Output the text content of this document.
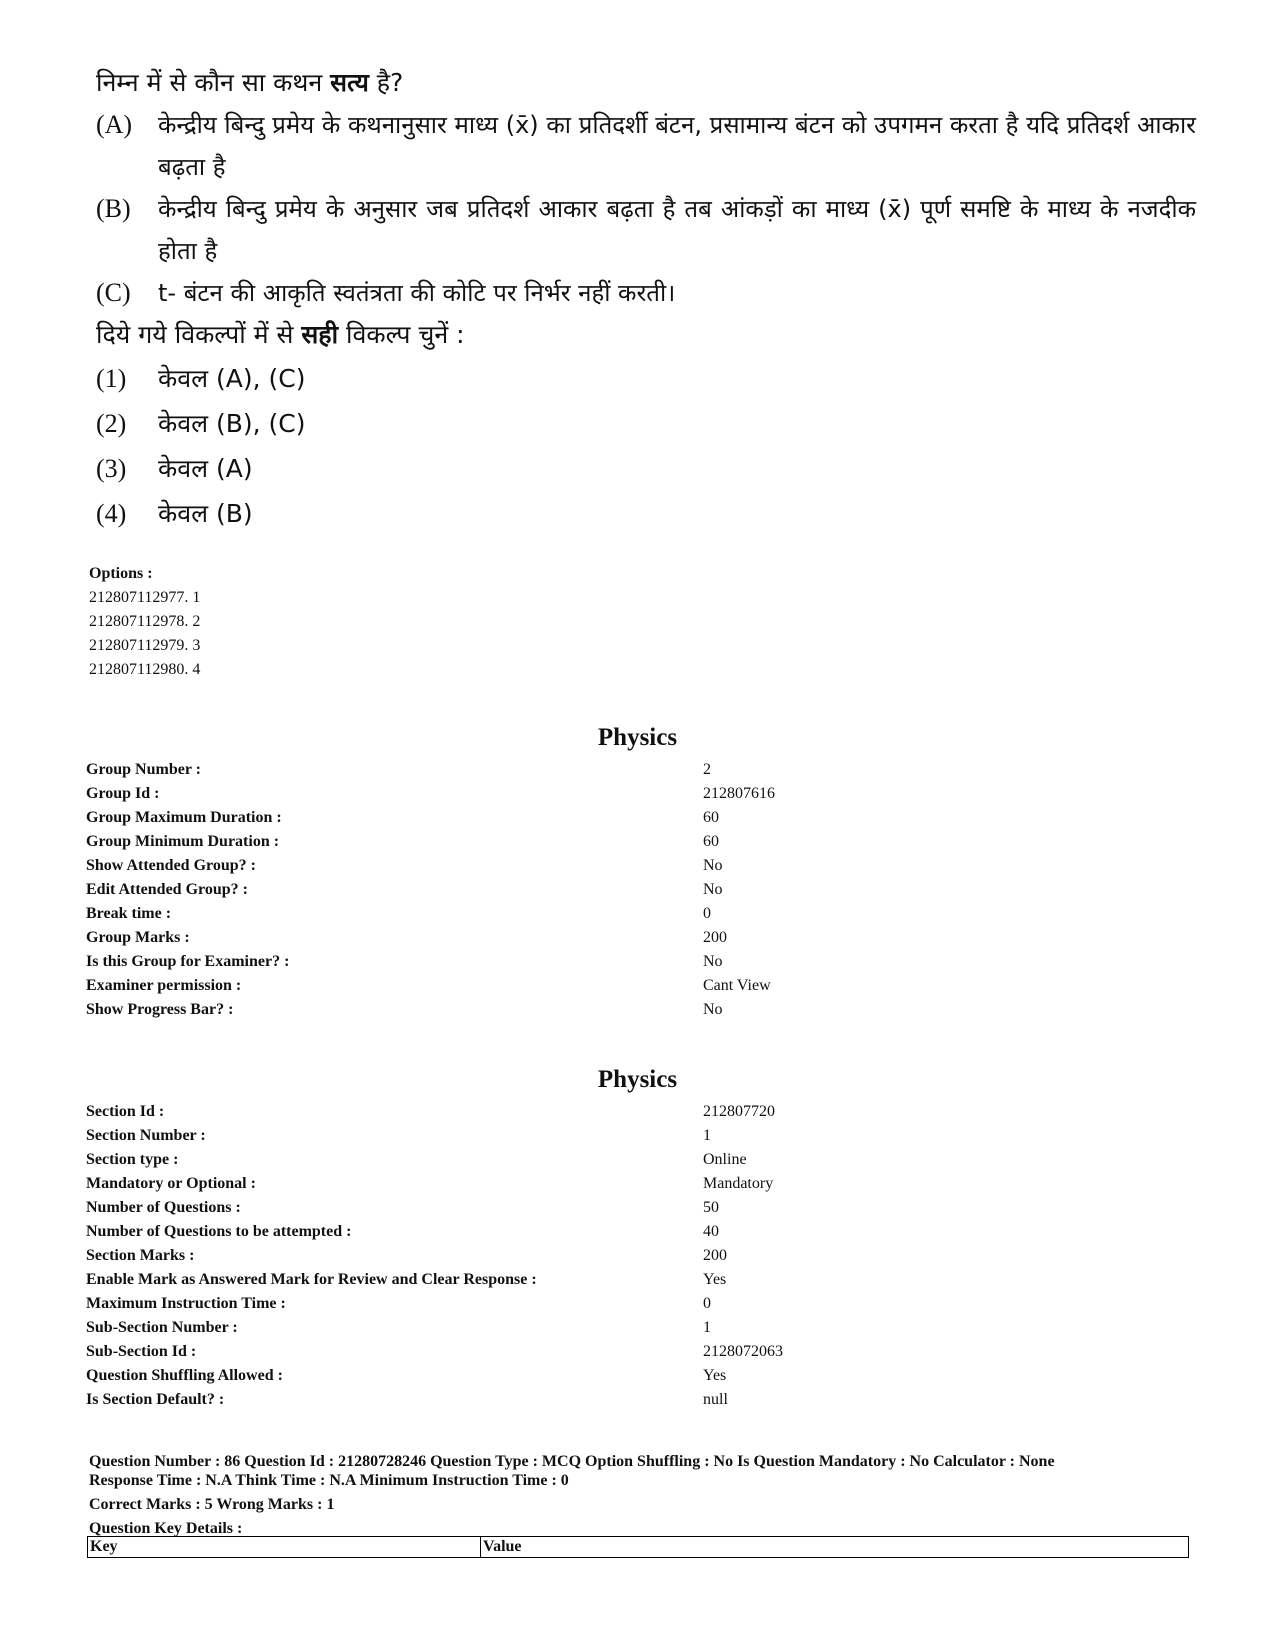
निम्न में से कौन सा कथन सत्य है?

(A)	केन्द्रीय बिन्दु प्रमेय के कथनानुसार माध्य (x̄) का प्रतिदर्शी बंटन, प्रसामान्य बंटन को उपगमन करता है यदि प्रतिदर्श आकार बढ़ता है
(B)	केन्द्रीय बिन्दु प्रमेय के अनुसार जब प्रतिदर्श आकार बढ़ता है तब आंकड़ों का माध्य (x̄) पूर्ण समष्टि के माध्य के नजदीक होता है
(C)	t- बंटन की आकृति स्वतंत्रता की कोटि पर निर्भर नहीं करती।

दिये गये विकल्पों में से सही विकल्प चुनें :

(1)	केवल (A), (C)
(2)	केवल (B), (C)
(3)	केवल (A)
(4)	केवल (B)
Options :
212807112977. 1
212807112978. 2
212807112979. 3
212807112980. 4
Physics
Group Number :	2
Group Id :	212807616
Group Maximum Duration :	60
Group Minimum Duration :	60
Show Attended Group? :	No
Edit Attended Group? :	No
Break time :	0
Group Marks :	200
Is this Group for Examiner? :	No
Examiner permission :	Cant View
Show Progress Bar? :	No
Physics
Section Id :	212807720
Section Number :	1
Section type :	Online
Mandatory or Optional :	Mandatory
Number of Questions :	50
Number of Questions to be attempted :	40
Section Marks :	200
Enable Mark as Answered Mark for Review and Clear Response :	Yes
Maximum Instruction Time :	0
Sub-Section Number :	1
Sub-Section Id :	2128072063
Question Shuffling Allowed :	Yes
Is Section Default? :	null

Question Number : 86 Question Id : 21280728246 Question Type : MCQ Option Shuffling : No Is Question Mandatory : No Calculator : None

Response Time : N.A Think Time : N.A Minimum Instruction Time : 0

Correct Marks : 5 Wrong Marks : 1

Question Key Details :

Key	Value
